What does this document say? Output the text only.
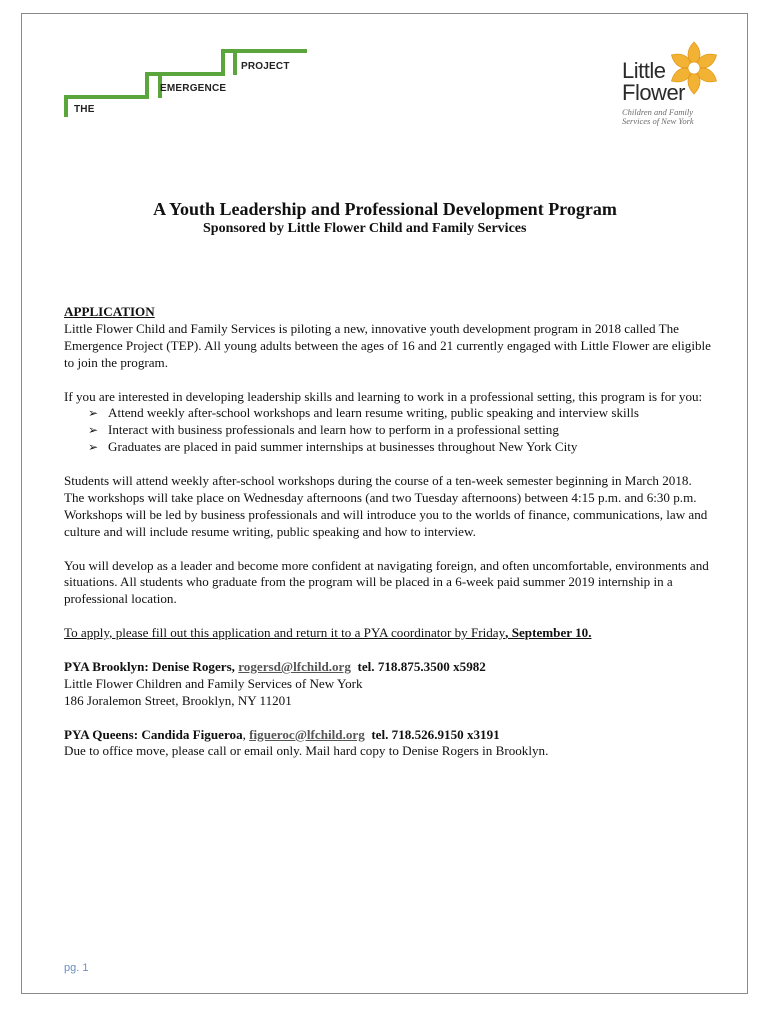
PROJECT
EMERGENCE
THE
Little
Flower
Children and Family
Services of New York
A Youth Leadership and Professional Development Program
Sponsored by Little Flower Child and Family Services

APPLICATION

Little Flower Child and Family Services is piloting a new, innovative youth development program in 2018 called The Emergence Project (TEP). All young adults between the ages of 16 and 21 currently engaged with Little Flower are eligible to join the program.

If you are interested in developing leadership skills and learning to work in a professional setting, this program is for you:

➢ Attend weekly after-school workshops and learn resume writing, public speaking and interview skills
➢ Interact with business professionals and learn how to perform in a professional setting
➢ Graduates are placed in paid summer internships at businesses throughout New York City

Students will attend weekly after-school workshops during the course of a ten-week semester beginning in March 2018. The workshops will take place on Wednesday afternoons (and two Tuesday afternoons) between 4:15 p.m. and 6:30 p.m. Workshops will be led by business professionals and will introduce you to the worlds of finance, communications, law and culture and will include resume writing, public speaking and how to interview.

You will develop as a leader and become more confident at navigating foreign, and often uncomfortable, environments and situations. All students who graduate from the program will be placed in a 6-week paid summer 2019 internship in a professional location.

To apply, please fill out this application and return it to a PYA coordinator by Friday, September 10.

PYA Brooklyn: Denise Rogers, rogersd@lfchild.org  tel. 718.875.3500 x5982

Little Flower Children and Family Services of New York

186 Joralemon Street, Brooklyn, NY 11201

PYA Queens: Candida Figueroa, figueroc@lfchild.org  tel. 718.526.9150 x3191

Due to office move, please call or email only. Mail hard copy to Denise Rogers in Brooklyn.

pg. 1
